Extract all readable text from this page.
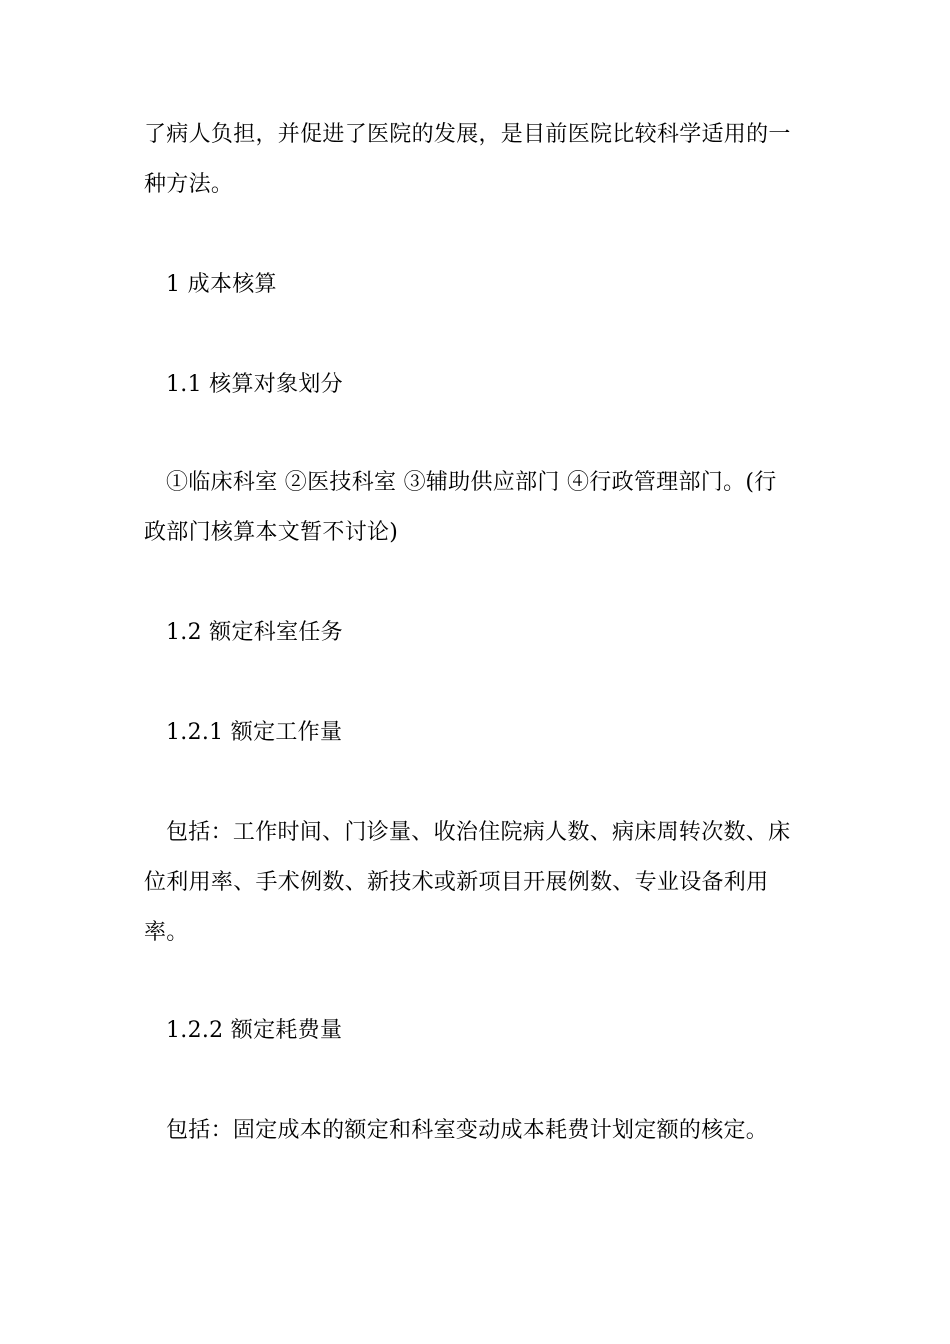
了病人负担，并促进了医院的发展，是目前医院比较科学适用的一
种方法。
1 成本核算
1.1 核算对象划分
①临床科室 ②医技科室 ③辅助供应部门 ④行政管理部门。(行
政部门核算本文暂不讨论)
1.2 额定科室任务
1.2.1 额定工作量
包括：工作时间、门诊量、收治住院病人数、病床周转次数、床
位利用率、手术例数、新技术或新项目开展例数、专业设备利用
率。
1.2.2 额定耗费量
包括：固定成本的额定和科室变动成本耗费计划定额的核定。
